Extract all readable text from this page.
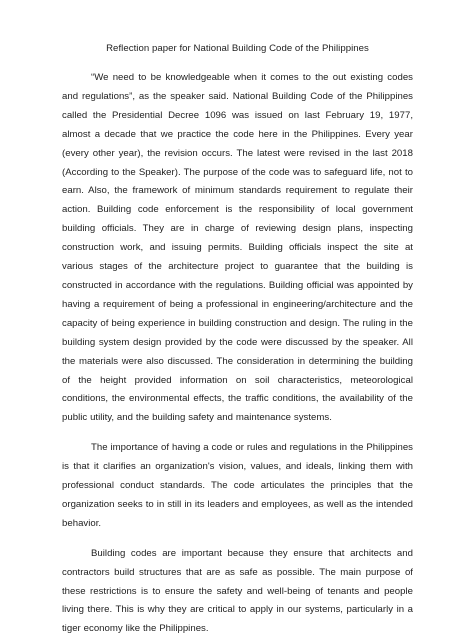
Reflection paper for National Building Code of the Philippines

“We need to be knowledgeable when it comes to the out existing codes and regulations”, as the speaker said. National Building Code of the Philippines called the Presidential Decree 1096 was issued on last February 19, 1977, almost a decade that we practice the code here in the Philippines. Every year (every other year), the revision occurs. The latest were revised in the last 2018 (According to the Speaker). The purpose of the code was to safeguard life, not to earn. Also, the framework of minimum standards requirement to regulate their action. Building code enforcement is the responsibility of local government building officials. They are in charge of reviewing design plans, inspecting construction work, and issuing permits. Building officials inspect the site at various stages of the architecture project to guarantee that the building is constructed in accordance with the regulations. Building official was appointed by having a requirement of being a professional in engineering/architecture and the capacity of being experience in building construction and design. The ruling in the building system design provided by the code were discussed by the speaker. All the materials were also discussed. The consideration in determining the building of the height provided information on soil characteristics, meteorological conditions, the environmental effects, the traffic conditions, the availability of the public utility, and the building safety and maintenance systems.

The importance of having a code or rules and regulations in the Philippines is that it clarifies an organization's vision, values, and ideals, linking them with professional conduct standards. The code articulates the principles that the organization seeks to in still in its leaders and employees, as well as the intended behavior.

Building codes are important because they ensure that architects and contractors build structures that are as safe as possible. The main purpose of these restrictions is to ensure the safety and well-being of tenants and people living there. This is why they are critical to apply in our systems, particularly in a tiger economy like the Philippines.
